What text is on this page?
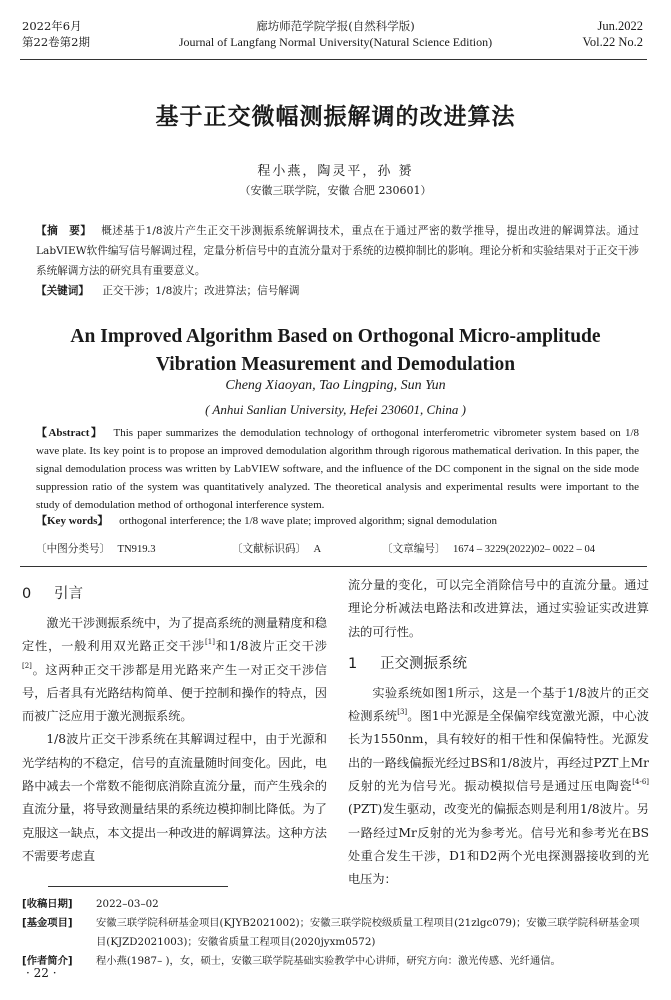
2022年6月
第22卷第2期
廊坊师范学院学报(自然科学版)
Journal of Langfang Normal University(Natural Science Edition)
Jun.2022
Vol.22 No.2
基于正交微幅测振解调的改进算法
程小燕，陶灵平，孙 赟
（安徽三联学院，安徽 合肥 230601）
【摘　要】 概述基于1/8波片产生正交干涉测振系统解调技术，重点在于通过严密的数学推导，提出改进的解调算法。通过LabVIEW软件编写信号解调过程，定量分析信号中的直流分量对于系统的边模抑制比的影响。理论分析和实验结果对于正交干涉系统解调方法的研究具有重要意义。
【关键词】 正交干涉；1/8波片；改进算法；信号解调
An Improved Algorithm Based on Orthogonal Micro-amplitude
Vibration Measurement and Demodulation
Cheng Xiaoyan, Tao Lingping, Sun Yun
( Anhui Sanlian University, Hefei 230601, China )
【Abstract】 This paper summarizes the demodulation technology of orthogonal interferometric vibrometer system based on 1/8 wave plate. Its key point is to propose an improved demodulation algorithm through rigorous mathematical derivation. In this paper, the signal demodulation process was written by LabVIEW software, and the influence of the DC component in the signal on the side mode suppression ratio of the system was quantitatively analyzed. The theoretical analysis and experimental results were important to the study of demodulation method of orthogonal interference system.
【Key words】 orthogonal interference; the 1/8 wave plate; improved algorithm; signal demodulation
〔中图分类号〕 TN919.3	〔文献标识码〕 A	〔文章编号〕 1674 – 3229(2022)02– 0022 – 04
0 引言

激光干涉测振系统中，为了提高系统的测量精度和稳定性，一般利用双光路正交干涉[1]和1/8波片正交干涉[2]。这两种正交干涉都是用光路来产生一对正交干涉信号，后者具有光路结构简单、便于控制和操作的特点，因而被广泛应用于激光测振系统。

1/8波片正交干涉系统在其解调过程中，由于光源和光学结构的不稳定，信号的直流量随时间变化。因此，电路中减去一个常数不能彻底消除直流分量，而产生残余的直流分量，将导致测量结果的系统边模抑制比降低。为了克服这一缺点，本文提出一种改进的解调算法。这种方法不需要考虑直

流分量的变化，可以完全消除信号中的直流分量。通过理论分析减法电路法和改进算法，通过实验证实改进算法的可行性。

1 正交测振系统

实验系统如图1所示，这是一个基于1/8波片的正交检测系统[3]。图1中光源是全保偏窄线宽激光源，中心波长为1550nm，具有较好的相干性和保偏特性。光源发出的一路线偏振光经过BS和1/8波片，再经过PZT上Mr反射的光为信号光。振动模拟信号是通过压电陶瓷[4-6](PZT)发生驱动，改变光的偏振态则是利用1/8波片。另一路经过Mr反射的光为参考光。信号光和参考光在BS处重合发生干涉，D1和D2两个光电探测器接收到的光电压为：

[收稿日期]	2022–03–02
[基金项目]	安徽三联学院科研基金项目(KJYB2021002)；安徽三联学院校级质量工程项目(21zlgc079)；安徽三联学院科研基金项目(KJZD2021003)；安徽省质量工程项目(2020jyxm0572)
[作者简介]	程小燕(1987– )，女，硕士，安徽三联学院基础实验教学中心讲师，研究方向：激光传感、光纤通信。
· 22 ·
